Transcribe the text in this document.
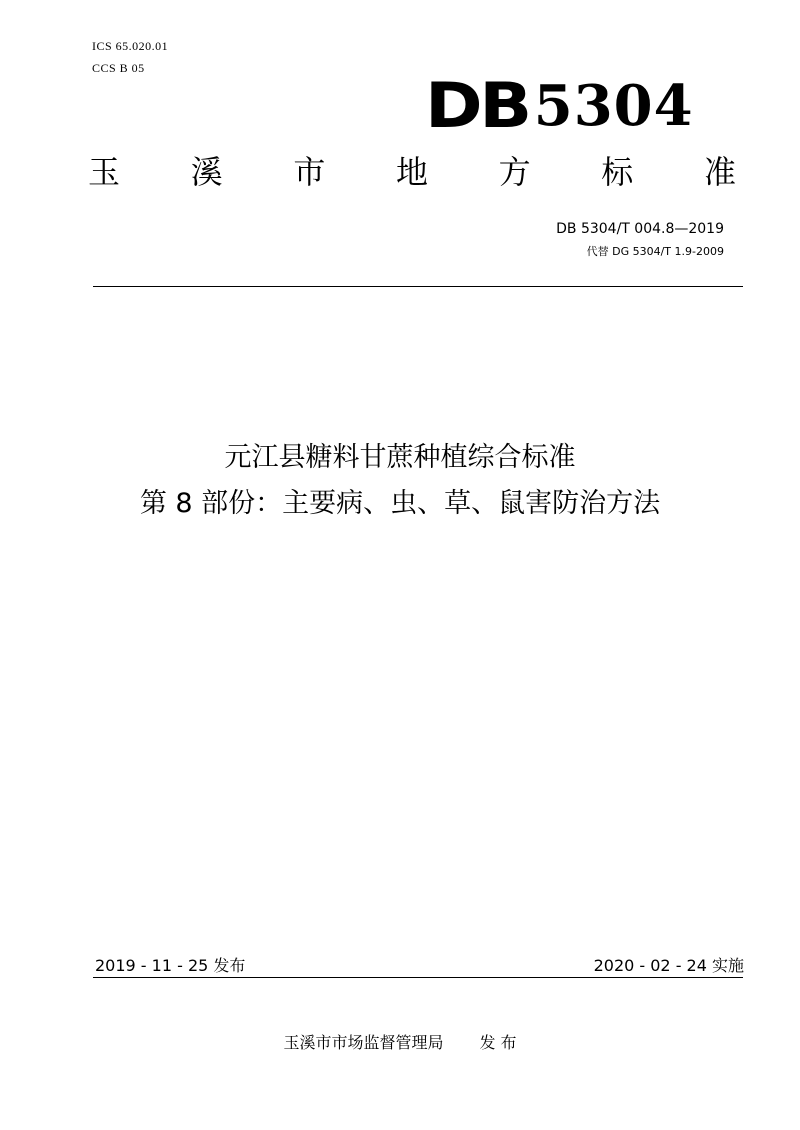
ICS 65.020.01
CCS B 05
DB 5304
玉 溪 市 地 方 标 准
DB 5304/T 004.8—2019
代替 DG 5304/T 1.9-2009
元江县糖料甘蔗种植综合标准
第 8 部份：主要病、虫、草、鼠害防治方法
2019 - 11 - 25 发布	2020 - 02 - 24 实施
玉溪市市场监督管理局 发 布
